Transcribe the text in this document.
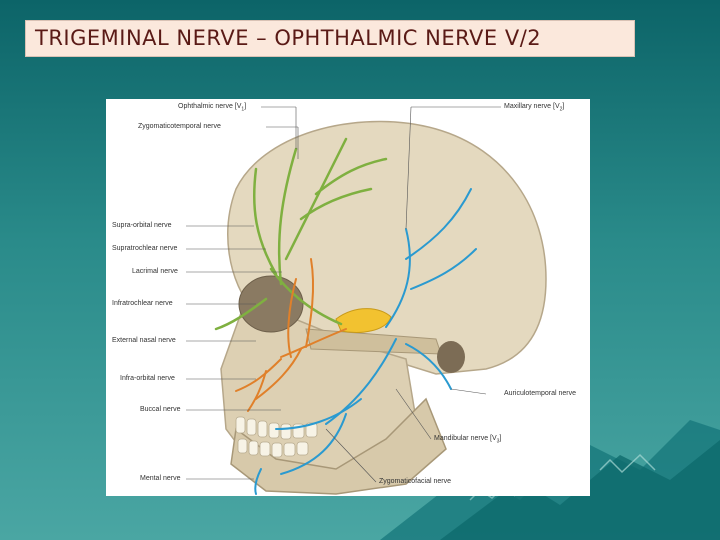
TRIGEMINAL NERVE – OPHTHALMIC NERVE V/2
Ophthalmic nerve $[V_1]$
Zygomaticotemporal nerve
Supra-orbital nerve
Supratrochlear nerve
Lacrimal nerve
Infratrochlear nerve
External nasal nerve
Infra-orbital nerve
Buccal nerve
Mental nerve
Maxillary nerve $[V_2]$
Auriculotemporal nerve
Mandibular nerve $[V_3]$
Zygomaticofacial nerve
